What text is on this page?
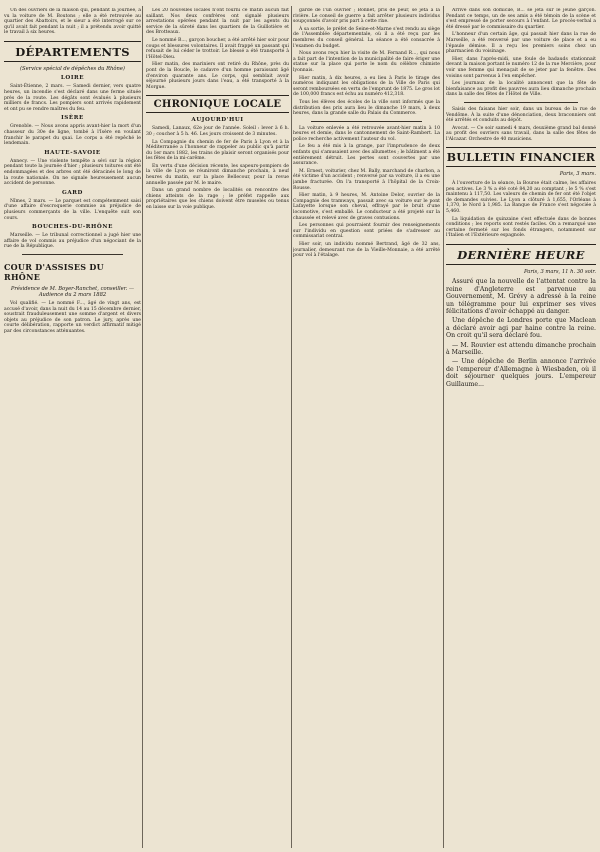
Un des ouvriers de la maison qui, pendant la journée, a vu la voiture de M. Boutons ; elle a été retrouvée au quartier des Abattoirs, et le sieur a été interrogé sur ce qu'il avait fait pendant la nuit ; il a prétendu avoir quitté le travail à six heures.

DÉPARTEMENTS
(Service spécial de dépêches du Rhône)
LOIRE

Saint-Étienne, 2 mars. — Samedi dernier, vers quatre heures, un incendie s'est déclaré dans une ferme située près de la route. Les dégâts sont évalués à plusieurs milliers de francs. Les pompiers sont arrivés rapidement et ont pu se rendre maîtres du feu.

ISÈRE

Grenoble. — Nous avons appris avant-hier la mort d'un chasseur du 30e de ligne, tombé à l'Isère en voulant franchir le parapet du quai. Le corps a été repêché le lendemain.

HAUTE-SAVOIE

Annecy. — Une violente tempête a sévi sur la région pendant toute la journée d'hier ; plusieurs toitures ont été endommagées et des arbres ont été déracinés le long de la route nationale. On ne signale heureusement aucun accident de personne.

GARD

Nîmes, 2 mars. — Le parquet est compétemment saisi d'une affaire d'escroquerie commise au préjudice de plusieurs commerçants de la ville. L'enquête suit son cours.

BOUCHES-DU-RHÔNE

Marseille. — Le tribunal correctionnel a jugé hier une affaire de vol commis au préjudice d'un négociant de la rue de la République.

COUR D'ASSISES DU RHÔNE
Présidence de M. Boyer-Ranchet, conseiller. — Audience du 2 mars 1882

Vol qualifié. — Le nommé F..., âgé de vingt ans, est accusé d'avoir, dans la nuit du 14 au 15 décembre dernier, soustrait frauduleusement une somme d'argent et divers objets au préjudice de son patron. Le jury, après une courte délibération, rapporte un verdict affirmatif mitigé par des circonstances atténuantes.

Les 20 nouvelles locales n'ont fourni ce matin aucun fait saillant. Nos deux confrères ont signalé plusieurs arrestations opérées pendant la nuit par les agents du service de la sûreté dans les quartiers de la Guillotière et des Brotteaux.

Le nommé B..., garçon boucher, a été arrêté hier soir pour coups et blessures volontaires. Il avait frappé un passant qui refusait de lui céder le trottoir. Le blessé a été transporté à l'Hôtel-Dieu.

Hier matin, des mariniers ont retiré du Rhône, près du pont de la Boucle, le cadavre d'un homme paraissant âgé d'environ quarante ans. Le corps, qui semblait avoir séjourné plusieurs jours dans l'eau, a été transporté à la Morgue.

CHRONIQUE LOCALE
AUJOURD'HUI

Samedi, Lanaux, 62e jour de l'année. Soleil : lever à 6 h. 30 ; coucher à 5 h. 46. Les jours croissent de 3 minutes.

La Compagnie du chemin de fer de Paris à Lyon et à la Méditerranée a l'honneur de rappeler au public qu'à partir du 1er mars 1882, les trains de plaisir seront organisés pour les fêtes de la mi-carême.

En vertu d'une décision récente, les sapeurs-pompiers de la ville de Lyon se réuniront dimanche prochain, à neuf heures du matin, sur la place Bellecour, pour la revue annuelle passée par M. le maire.

Dans un grand nombre de localités on rencontre des chiens atteints de la rage ; le préfet rappelle aux propriétaires que les chiens doivent être muselés ou tenus en laisse sur la voie publique.

garde de l'un ouvrier ; Bonnet, pris de peur, se jeta à la rivière. Le conseil de guerre a fait arrêter plusieurs individus soupçonnés d'avoir pris part à cette rixe.

À sa sortie, le préfet de Seine-et-Marne s'est rendu au siège de l'Assemblée départementale, où il a été reçu par les membres du conseil général. La séance a été consacrée à l'examen du budget.

Nous avons reçu hier la visite de M. Fernand R..., qui nous a fait part de l'intention de la municipalité de faire ériger une statue sur la place qui porte le nom du célèbre chimiste lyonnais.

Hier matin, à dix heures, a eu lieu à Paris le tirage des numéros indiquant les obligations de la Ville de Paris qui seront remboursées en vertu de l'emprunt de 1875. Le gros lot de 100,000 francs est échu au numéro 412,318.

Tous les élèves des écoles de la ville sont informés que la distribution des prix aura lieu le dimanche 19 mars, à deux heures, dans la grande salle du Palais du Commerce.

La voiture enlevée a été retrouvée avant-hier matin à 10 heures et demie, dans le cantonnement de Saint-Rambert. La police recherche activement l'auteur du vol.

Le feu a été mis à la grange, par l'imprudence de deux enfants qui s'amusaient avec des allumettes ; le bâtiment a été entièrement détruit. Les pertes sont couvertes par une assurance.

M. Ernest, voiturier, chez M. Bally, marchand de charbon, a été victime d'un accident ; renversé par sa voiture, il a eu une jambe fracturée. On l'a transporté à l'hôpital de la Croix-Rousse.

Hier matin, à 9 heures, M. Antoine Delor, ouvrier de la Compagnie des tramways, passait avec sa voiture sur le pont Lafayette lorsque son cheval, effrayé par le bruit d'une locomotive, s'est emballé. Le conducteur a été projeté sur la chaussée et relevé avec de graves contusions.

Les personnes qui pourraient fournir des renseignements sur l'individu en question sont priées de s'adresser au commissariat central.

Hier soir, un individu nommé Bertrand, âgé de 32 ans, journalier, demeurant rue de la Vieille-Monnaie, a été arrêté pour vol à l'étalage.

Arrivé dans son domicile, B... se jeta sur le jeune garçon. Pendant ce temps, un de ses amis a été témoin de la scène et s'est empressé de porter secours à l'enfant. Le procès-verbal a été dressé par le commissaire du quartier.

L'honneur d'un certain âge, qui passait hier dans la rue de Marseille, a été renversé par une voiture de place et a eu l'épaule démise. Il a reçu les premiers soins chez un pharmacien du voisinage.

Hier, dans l'après-midi, une foule de badauds stationnait devant la maison portant le numéro 12 de la rue Mercière, pour voir une femme qui menaçait de se jeter par la fenêtre. Des voisins sont parvenus à l'en empêcher.

Les journaux de la localité annoncent que la fête de bienfaisance au profit des pauvres aura lieu dimanche prochain dans la salle des fêtes de l'Hôtel de Ville.

Saisis des faisans hier soir, dans un bureau de la rue de Vendôme. À la suite d'une dénonciation, deux braconniers ont été arrêtés et conduits au dépôt.

Avocat. — Ce soir samedi 4 mars, deuxième grand bal donné au profit des ouvriers sans travail, dans la salle des fêtes de l'Alcazar. Orchestre de 40 musiciens.

BULLETIN FINANCIER
Paris, 3 mars.

À l'ouverture de la séance, la Bourse était calme, les affaires peu actives. Le 3 % a été coté 84,20 au comptant ; le 5 % s'est maintenu à 117,50. Les valeurs de chemin de fer ont été l'objet de demandes suivies. Le Lyon a clôturé à 1,655, l'Orléans à 1,370, le Nord à 1,985. La Banque de France s'est négociée à 5,460.

La liquidation de quinzaine s'est effectuée dans de bonnes conditions ; les reports sont restés faciles. On a remarqué une certaine fermeté sur les fonds étrangers, notamment sur l'Italien et l'Extérieure espagnole.

DERNIÈRE HEURE
Paris, 3 mars, 11 h. 30 soir.

Assuré que la nouvelle de l'attentat contre la reine d'Angleterre est parvenue au Gouvernement, M. Grévy a adressé à la reine un télégramme pour lui exprimer ses vives félicitations d'avoir échappé au danger.

Une dépêche de Londres porte que Maclean a déclaré avoir agi par haine contre la reine. On croit qu'il sera déclaré fou.

— M. Rouvier est attendu dimanche prochain à Marseille.

— Une dépêche de Berlin annonce l'arrivée de l'empereur d'Allemagne à Wiesbaden, où il doit séjourner quelques jours. L'empereur Guillaume...
